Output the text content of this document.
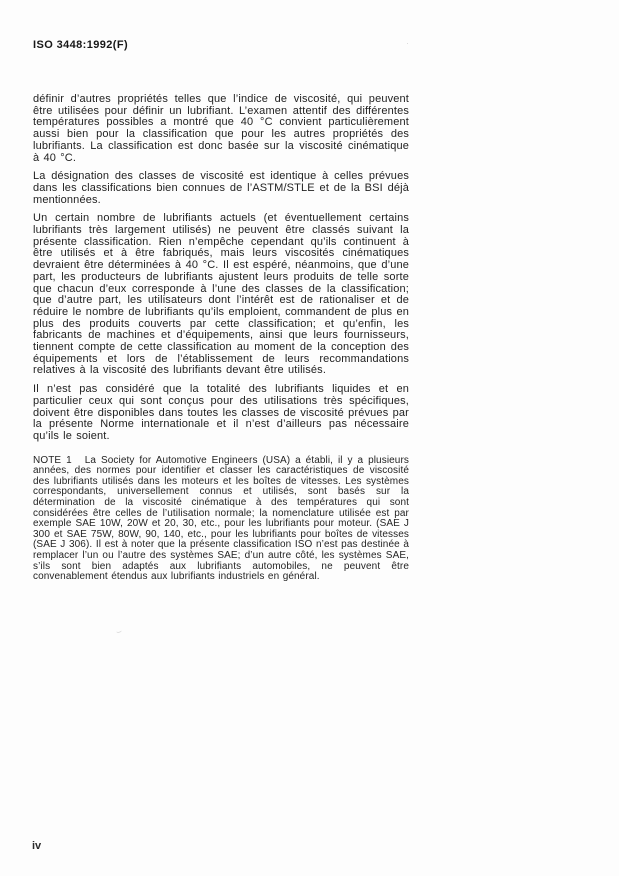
ISO 3448:1992(F)	·

définir d’autres propriétés telles que l’indice de viscosité, qui peuvent être utilisées pour définir un lubrifiant. L’examen attentif des différentes températures possibles a montré que 40 °C convient particulièrement aussi bien pour la classification que pour les autres propriétés des lubrifiants. La classification est donc basée sur la viscosité cinématique à 40 °C.

La désignation des classes de viscosité est identique à celles prévues dans les classifications bien connues de l’ASTM/STLE et de la BSI déjà mentionnées.

Un certain nombre de lubrifiants actuels (et éventuellement certains lubrifiants très largement utilisés) ne peuvent être classés suivant la présente classification. Rien n’empêche cependant qu’ils continuent à être utilisés et à être fabriqués, mais leurs viscosités cinématiques devraient être déterminées à 40 °C. Il est espéré, néanmoins, que d’une part, les producteurs de lubrifiants ajustent leurs produits de telle sorte que chacun d’eux corresponde à l’une des classes de la classification; que d’autre part, les utilisateurs dont l’intérêt est de rationaliser et de réduire le nombre de lubrifiants qu’ils emploient, commandent de plus en plus des produits couverts par cette classification; et qu’enfin, les fabricants de machines et d’équipements, ainsi que leurs fournisseurs, tiennent compte de cette classification au moment de la conception des équipements et lors de l’établissement de leurs recommandations relatives à la viscosité des lubrifiants devant être utilisés.

Il n’est pas considéré que la totalité des lubrifiants liquides et en particulier ceux qui sont conçus pour des utilisations très spécifiques, doivent être disponibles dans toutes les classes de viscosité prévues par la présente Norme internationale et il n’est d’ailleurs pas nécessaire qu’ils le soient.

NOTE 1 La Society for Automotive Engineers (USA) a établi, il y a plusieurs années, des normes pour identifier et classer les caractéristiques de viscosité des lubrifiants utilisés dans les moteurs et les boîtes de vitesses. Les systèmes correspondants, universellement connus et utilisés, sont basés sur la détermination de la viscosité cinématique à des températures qui sont considérées être celles de l’utilisation normale; la nomenclature utilisée est par exemple SAE 10W, 20W et 20, 30, etc., pour les lubrifiants pour moteur. (SAE J 300 et SAE 75W, 80W, 90, 140, etc., pour les lubrifiants pour boîtes de vitesses (SAE J 306). Il est à noter que la présente classification ISO n’est pas destinée à remplacer l’un ou l’autre des systèmes SAE; d’un autre côté, les systèmes SAE, s’ils sont bien adaptés aux lubrifiants automobiles, ne peuvent être convenablement étendus aux lubrifiants industriels en général.

⌣
iv
